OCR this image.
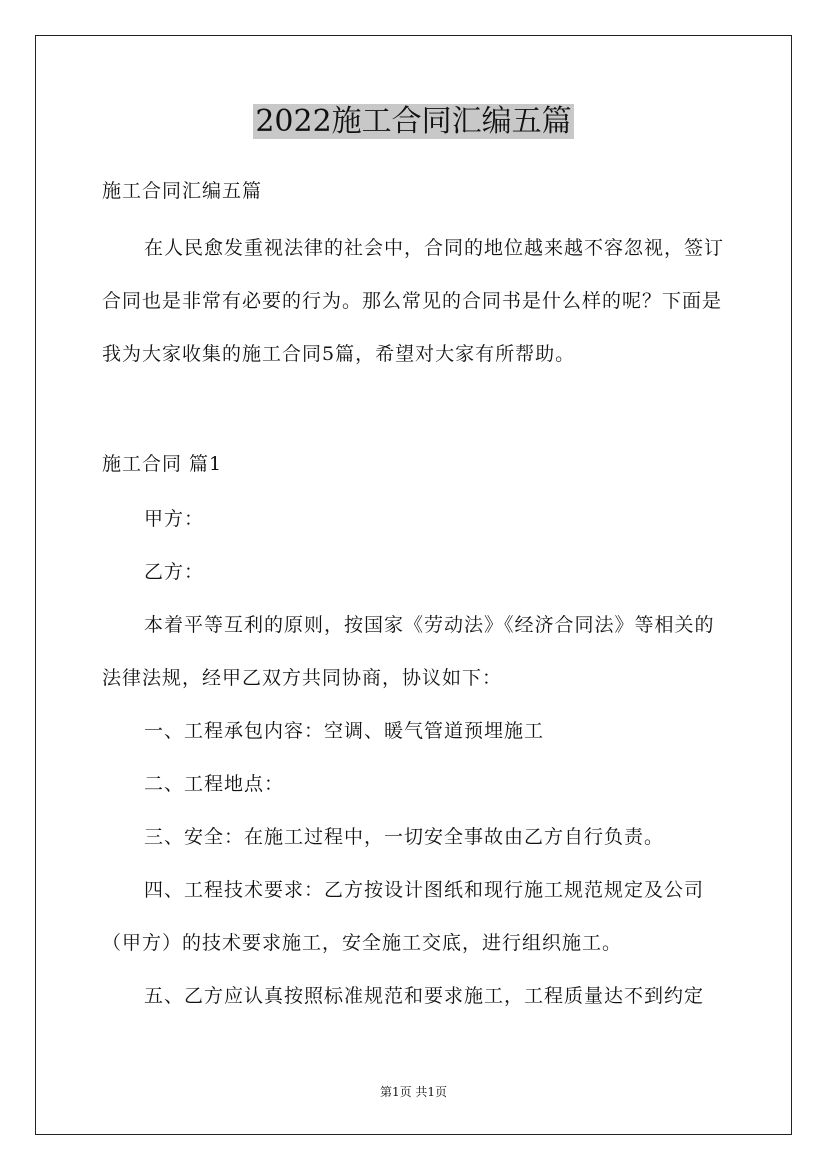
2022施工合同汇编五篇

施工合同汇编五篇

在人民愈发重视法律的社会中，合同的地位越来越不容忽视，签订合同也是非常有必要的行为。那么常见的合同书是什么样的呢？下面是我为大家收集的施工合同5篇，希望对大家有所帮助。

施工合同 篇1

甲方：

乙方：

本着平等互利的原则，按国家《劳动法》《经济合同法》等相关的法律法规，经甲乙双方共同协商，协议如下：

一、工程承包内容：空调、暖气管道预埋施工

二、工程地点：

三、安全：在施工过程中，一切安全事故由乙方自行负责。

四、工程技术要求：乙方按设计图纸和现行施工规范规定及公司（甲方）的技术要求施工，安全施工交底，进行组织施工。

五、乙方应认真按照标准规范和要求施工，工程质量达不到约定

第1页 共1页
